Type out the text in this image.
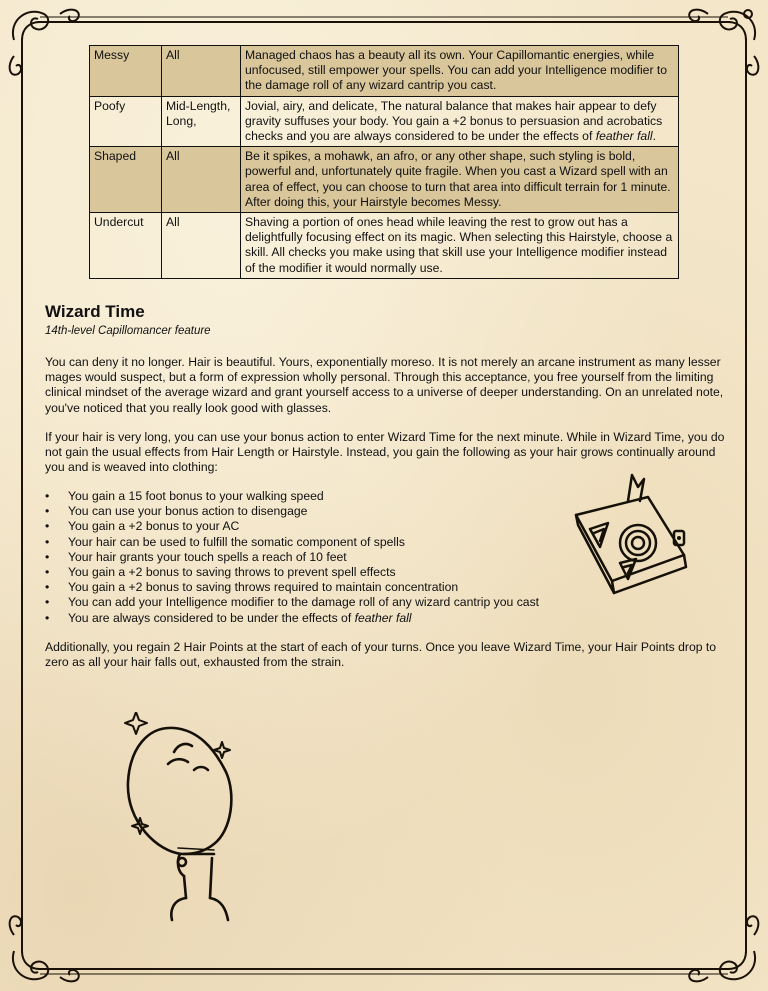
Messy	All	Managed chaos has a beauty all its own. Your Capillomantic energies, while unfocused, still empower your spells. You can add your Intelligence modifier to the damage roll of any wizard cantrip you cast.
Poofy	Mid-Length, Long,	Jovial, airy, and delicate, The natural balance that makes hair appear to defy gravity suffuses your body. You gain a +2 bonus to persuasion and acrobatics checks and you are always considered to be under the effects of feather fall.
Shaped	All	Be it spikes, a mohawk, an afro, or any other shape, such styling is bold, powerful and, unfortunately quite fragile. When you cast a Wizard spell with an area of effect, you can choose to turn that area into difficult terrain for 1 minute. After doing this, your Hairstyle becomes Messy.
Undercut	All	Shaving a portion of ones head while leaving the rest to grow out has a delightfully focusing effect on its magic. When selecting this Hairstyle, choose a skill. All checks you make using that skill use your Intelligence modifier instead of the modifier it would normally use.
Wizard Time

14th-level Capillomancer feature

You can deny it no longer. Hair is beautiful. Yours, exponentially moreso. It is not merely an arcane instrument as many lesser mages would suspect, but a form of expression wholly personal. Through this acceptance, you free yourself from the limiting clinical mindset of the average wizard and grant yourself access to a universe of deeper understanding. On an unrelated note, you've noticed that you really look good with glasses.

If your hair is very long, you can use your bonus action to enter Wizard Time for the next minute. While in Wizard Time, you do not gain the usual effects from Hair Length or Hairstyle. Instead, you gain the following as your hair grows continually around you and is weaved into clothing:

• You gain a 15 foot bonus to your walking speed
• You can use your bonus action to disengage
• You gain a +2 bonus to your AC
• Your hair can be used to fulfill the somatic component of spells
• Your hair grants your touch spells a reach of 10 feet
• You gain a +2 bonus to saving throws to prevent spell effects
• You gain a +2 bonus to saving throws required to maintain concentration
• You can add your Intelligence modifier to the damage roll of any wizard cantrip you cast
• You are always considered to be under the effects of feather fall

Additionally, you regain 2 Hair Points at the start of each of your turns. Once you leave Wizard Time, your Hair Points drop to zero as all your hair falls out, exhausted from the strain.
